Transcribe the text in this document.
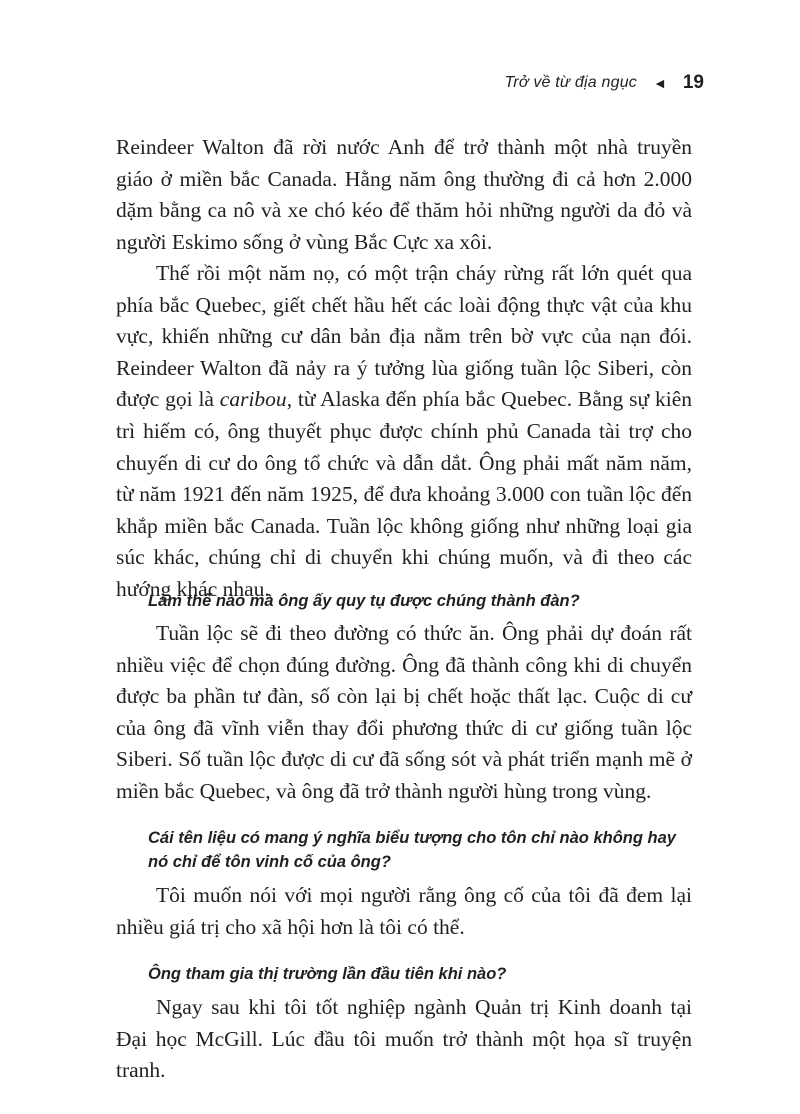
Trở về từ địa ngục ◄ 19

Reindeer Walton đã rời nước Anh để trở thành một nhà truyền giáo ở miền bắc Canada. Hằng năm ông thường đi cả hơn 2.000 dặm bằng ca nô và xe chó kéo để thăm hỏi những người da đỏ và người Eskimo sống ở vùng Bắc Cực xa xôi.

Thế rồi một năm nọ, có một trận cháy rừng rất lớn quét qua phía bắc Quebec, giết chết hầu hết các loài động thực vật của khu vực, khiến những cư dân bản địa nằm trên bờ vực của nạn đói. Reindeer Walton đã nảy ra ý tưởng lùa giống tuần lộc Siberi, còn được gọi là caribou, từ Alaska đến phía bắc Quebec. Bằng sự kiên trì hiếm có, ông thuyết phục được chính phủ Canada tài trợ cho chuyến di cư do ông tổ chức và dẫn dắt. Ông phải mất năm năm, từ năm 1921 đến năm 1925, để đưa khoảng 3.000 con tuần lộc đến khắp miền bắc Canada. Tuần lộc không giống như những loại gia súc khác, chúng chỉ di chuyển khi chúng muốn, và đi theo các hướng khác nhau.

Làm thế nào mà ông ấy quy tụ được chúng thành đàn?

Tuần lộc sẽ đi theo đường có thức ăn. Ông phải dự đoán rất nhiều việc để chọn đúng đường. Ông đã thành công khi di chuyển được ba phần tư đàn, số còn lại bị chết hoặc thất lạc. Cuộc di cư của ông đã vĩnh viễn thay đổi phương thức di cư giống tuần lộc Siberi. Số tuần lộc được di cư đã sống sót và phát triển mạnh mẽ ở miền bắc Quebec, và ông đã trở thành người hùng trong vùng.

Cái tên liệu có mang ý nghĩa biểu tượng cho tôn chỉ nào không hay nó chỉ để tôn vinh cố của ông?

Tôi muốn nói với mọi người rằng ông cố của tôi đã đem lại nhiều giá trị cho xã hội hơn là tôi có thể.

Ông tham gia thị trường lần đầu tiên khi nào?

Ngay sau khi tôi tốt nghiệp ngành Quản trị Kinh doanh tại Đại học McGill. Lúc đầu tôi muốn trở thành một họa sĩ truyện tranh.
